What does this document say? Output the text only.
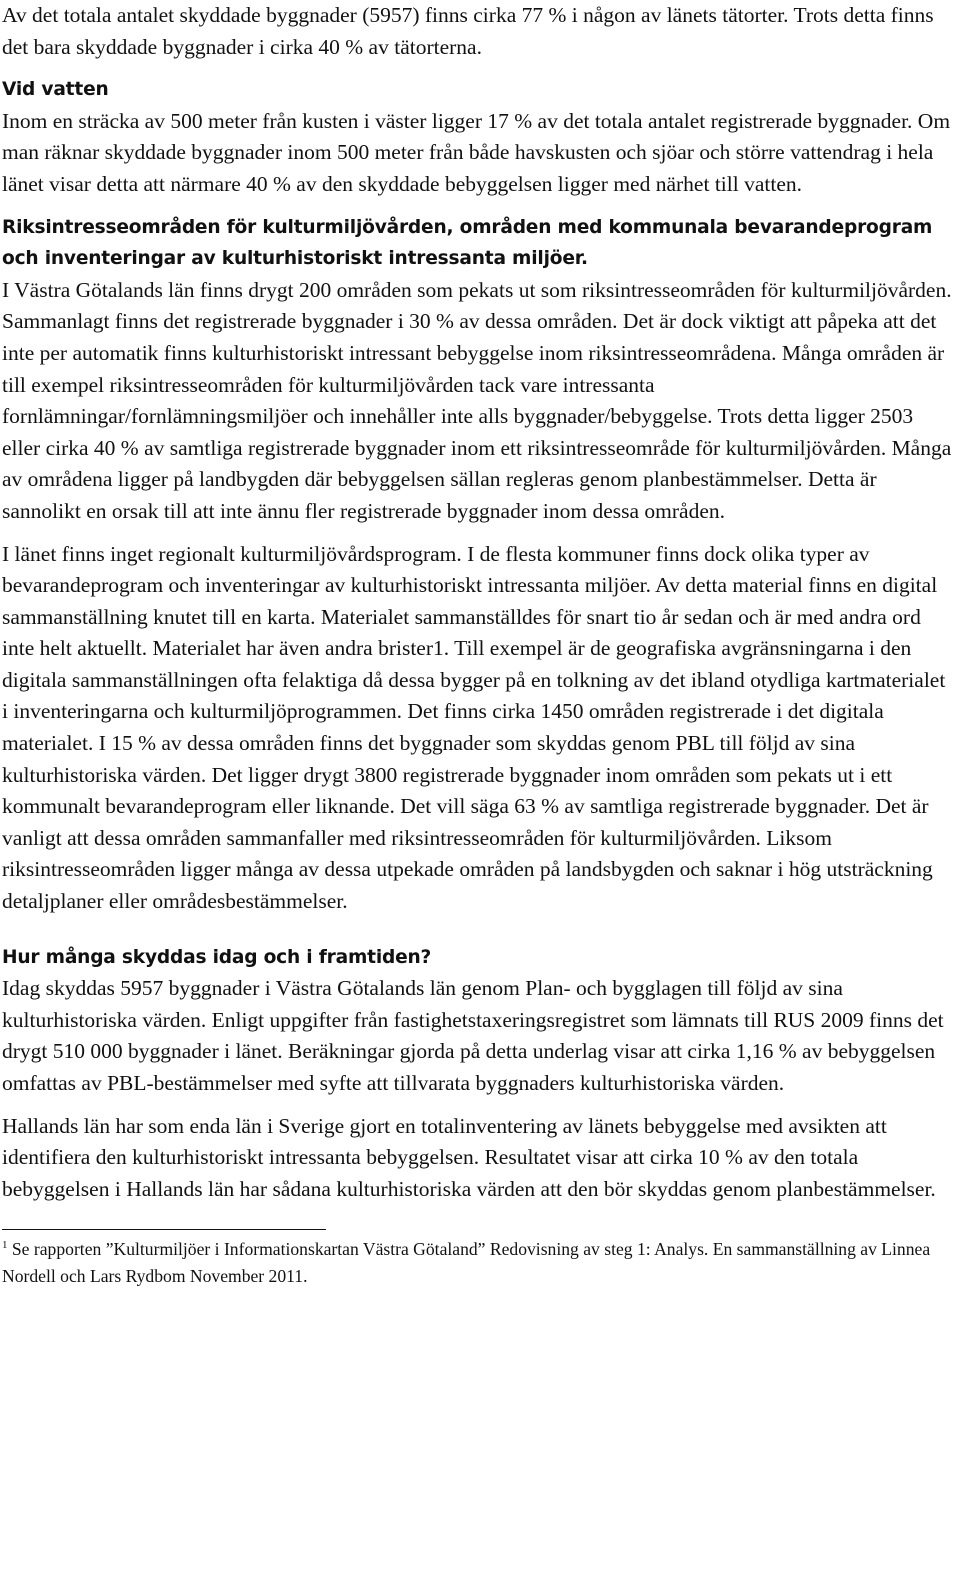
Av det totala antalet skyddade byggnader (5957) finns cirka 77 % i någon av länets tätorter. Trots detta finns det bara skyddade byggnader i cirka 40 % av tätorterna.

Vid vatten

Inom en sträcka av 500 meter från kusten i väster ligger 17 % av det totala antalet registrerade byggnader. Om man räknar skyddade byggnader inom 500 meter från både havskusten och sjöar och större vattendrag i hela länet visar detta att närmare 40 % av den skyddade bebyggelsen ligger med närhet till vatten.

Riksintresseområden för kulturmiljövården, områden med kommunala bevarandeprogram och inventeringar av kulturhistoriskt intressanta miljöer.

I Västra Götalands län finns drygt 200 områden som pekats ut som riksintresseområden för kulturmiljövården. Sammanlagt finns det registrerade byggnader i 30 % av dessa områden. Det är dock viktigt att påpeka att det inte per automatik finns kulturhistoriskt intressant bebyggelse inom riksintresseområdena. Många områden är till exempel riksintresseområden för kulturmiljövården tack vare intressanta fornlämningar/fornlämningsmiljöer och innehåller inte alls byggnader/bebyggelse. Trots detta ligger 2503 eller cirka 40 % av samtliga registrerade byggnader inom ett riksintresseområde för kulturmiljövården. Många av områdena ligger på landbygden där bebyggelsen sällan regleras genom planbestämmelser. Detta är sannolikt en orsak till att inte ännu fler registrerade byggnader inom dessa områden.

I länet finns inget regionalt kulturmiljövårdsprogram. I de flesta kommuner finns dock olika typer av bevarandeprogram och inventeringar av kulturhistoriskt intressanta miljöer. Av detta material finns en digital sammanställning knutet till en karta. Materialet sammanställdes för snart tio år sedan och är med andra ord inte helt aktuellt. Materialet har även andra brister1. Till exempel är de geografiska avgränsningarna i den digitala sammanställningen ofta felaktiga då dessa bygger på en tolkning av det ibland otydliga kartmaterialet i inventeringarna och kulturmiljöprogrammen. Det finns cirka 1450 områden registrerade i det digitala materialet. I 15 % av dessa områden finns det byggnader som skyddas genom PBL till följd av sina kulturhistoriska värden. Det ligger drygt 3800 registrerade byggnader inom områden som pekats ut i ett kommunalt bevarandeprogram eller liknande. Det vill säga 63 % av samtliga registrerade byggnader. Det är vanligt att dessa områden sammanfaller med riksintresseområden för kulturmiljövården. Liksom riksintresseområden ligger många av dessa utpekade områden på landsbygden och saknar i hög utsträckning detaljplaner eller områdesbestämmelser.

Hur många skyddas idag och i framtiden?

Idag skyddas 5957 byggnader i Västra Götalands län genom Plan- och bygglagen till följd av sina kulturhistoriska värden. Enligt uppgifter från fastighetstaxeringsregistret som lämnats till RUS 2009 finns det drygt 510 000 byggnader i länet. Beräkningar gjorda på detta underlag visar att cirka 1,16 % av bebyggelsen omfattas av PBL-bestämmelser med syfte att tillvarata byggnaders kulturhistoriska värden.

Hallands län har som enda län i Sverige gjort en totalinventering av länets bebyggelse med avsikten att identifiera den kulturhistoriskt intressanta bebyggelsen. Resultatet visar att cirka 10 % av den totala bebyggelsen i Hallands län har sådana kulturhistoriska värden att den bör skyddas genom planbestämmelser.

$^1$ Se rapporten ”Kulturmiljöer i Informationskartan Västra Götaland” Redovisning av steg 1: Analys. En sammanställning av Linnea Nordell och Lars Rydbom November 2011.
